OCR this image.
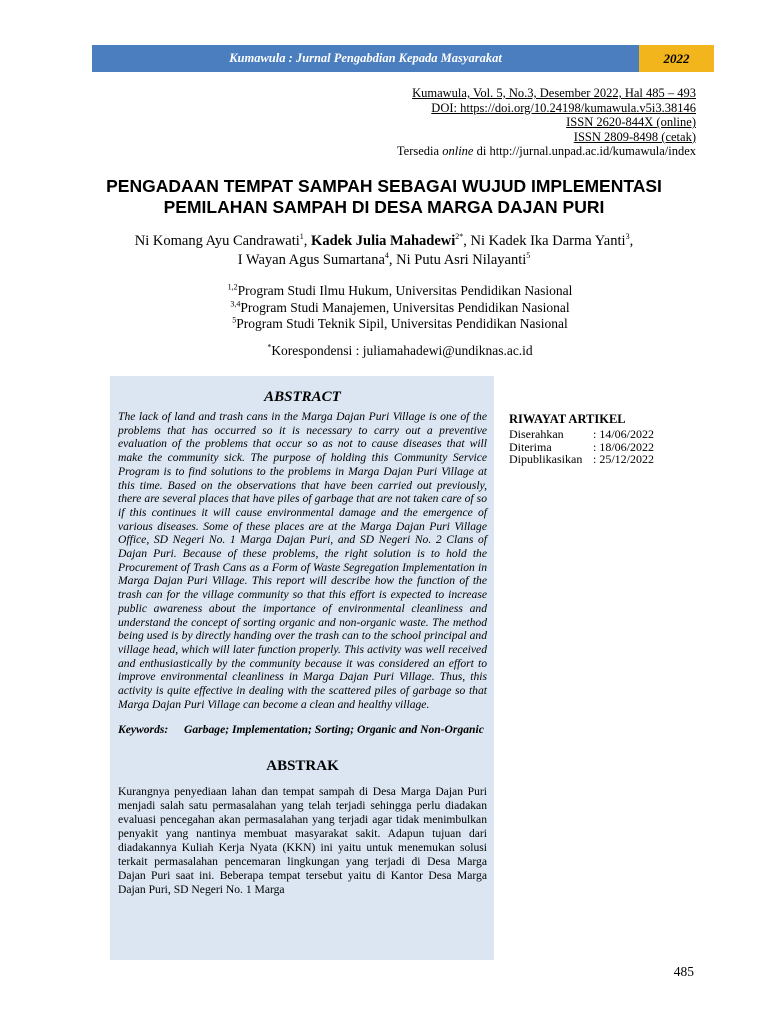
Kumawula : Jurnal Pengabdian Kepada Masyarakat	2022
Kumawula, Vol. 5, No.3, Desember 2022, Hal 485 – 493
DOI: https://doi.org/10.24198/kumawula.v5i3.38146
ISSN 2620-844X (online)
ISSN 2809-8498 (cetak)
Tersedia online di http://jurnal.unpad.ac.id/kumawula/index
PENGADAAN TEMPAT SAMPAH SEBAGAI WUJUD IMPLEMENTASI
PEMILAHAN SAMPAH DI DESA MARGA DAJAN PURI
Ni Komang Ayu Candrawati$^1$, Kadek Julia Mahadewi$^{2*}$, Ni Kadek Ika Darma Yanti$^3$,
I Wayan Agus Sumartana$^4$, Ni Putu Asri Nilayanti$^5$
$^{1,2}$Program Studi Ilmu Hukum, Universitas Pendidikan Nasional
$^{3,4}$Program Studi Manajemen, Universitas Pendidikan Nasional
$^5$Program Studi Teknik Sipil, Universitas Pendidikan Nasional
*Korespondensi : juliamahadewi@undiknas.ac.id
ABSTRACT

The lack of land and trash cans in the Marga Dajan Puri Village is one of the problems that has occurred so it is necessary to carry out a preventive evaluation of the problems that occur so as not to cause diseases that will make the community sick. The purpose of holding this Community Service Program is to find solutions to the problems in Marga Dajan Puri Village at this time. Based on the observations that have been carried out previously, there are several places that have piles of garbage that are not taken care of so if this continues it will cause environmental damage and the emergence of various diseases. Some of these places are at the Marga Dajan Puri Village Office, SD Negeri No. 1 Marga Dajan Puri, and SD Negeri No. 2 Clans of Dajan Puri. Because of these problems, the right solution is to hold the Procurement of Trash Cans as a Form of Waste Segregation Implementation in Marga Dajan Puri Village. This report will describe how the function of the trash can for the village community so that this effort is expected to increase public awareness about the importance of environmental cleanliness and understand the concept of sorting organic and non-organic waste. The method being used is by directly handing over the trash can to the school principal and village head, which will later function properly. This activity was well received and enthusiastically by the community because it was considered an effort to improve environmental cleanliness in Marga Dajan Puri Village. Thus, this activity is quite effective in dealing with the scattered piles of garbage so that Marga Dajan Puri Village can become a clean and healthy village.

Keywords:	Garbage; Implementation; Sorting; Organic and Non-Organic
ABSTRAK

Kurangnya penyediaan lahan dan tempat sampah di Desa Marga Dajan Puri menjadi salah satu permasalahan yang telah terjadi sehingga perlu diadakan evaluasi pencegahan akan permasalahan yang terjadi agar tidak menimbulkan penyakit yang nantinya membuat masyarakat sakit. Adapun tujuan dari diadakannya Kuliah Kerja Nyata (KKN) ini yaitu untuk menemukan solusi terkait permasalahan pencemaran lingkungan yang terjadi di Desa Marga Dajan Puri saat ini. Beberapa tempat tersebut yaitu di Kantor Desa Marga Dajan Puri, SD Negeri No. 1 Marga

RIWAYAT ARTIKEL
Diserahkan	: 14/06/2022
Diterima	: 18/06/2022
Dipublikasikan : 25/12/2022
485
